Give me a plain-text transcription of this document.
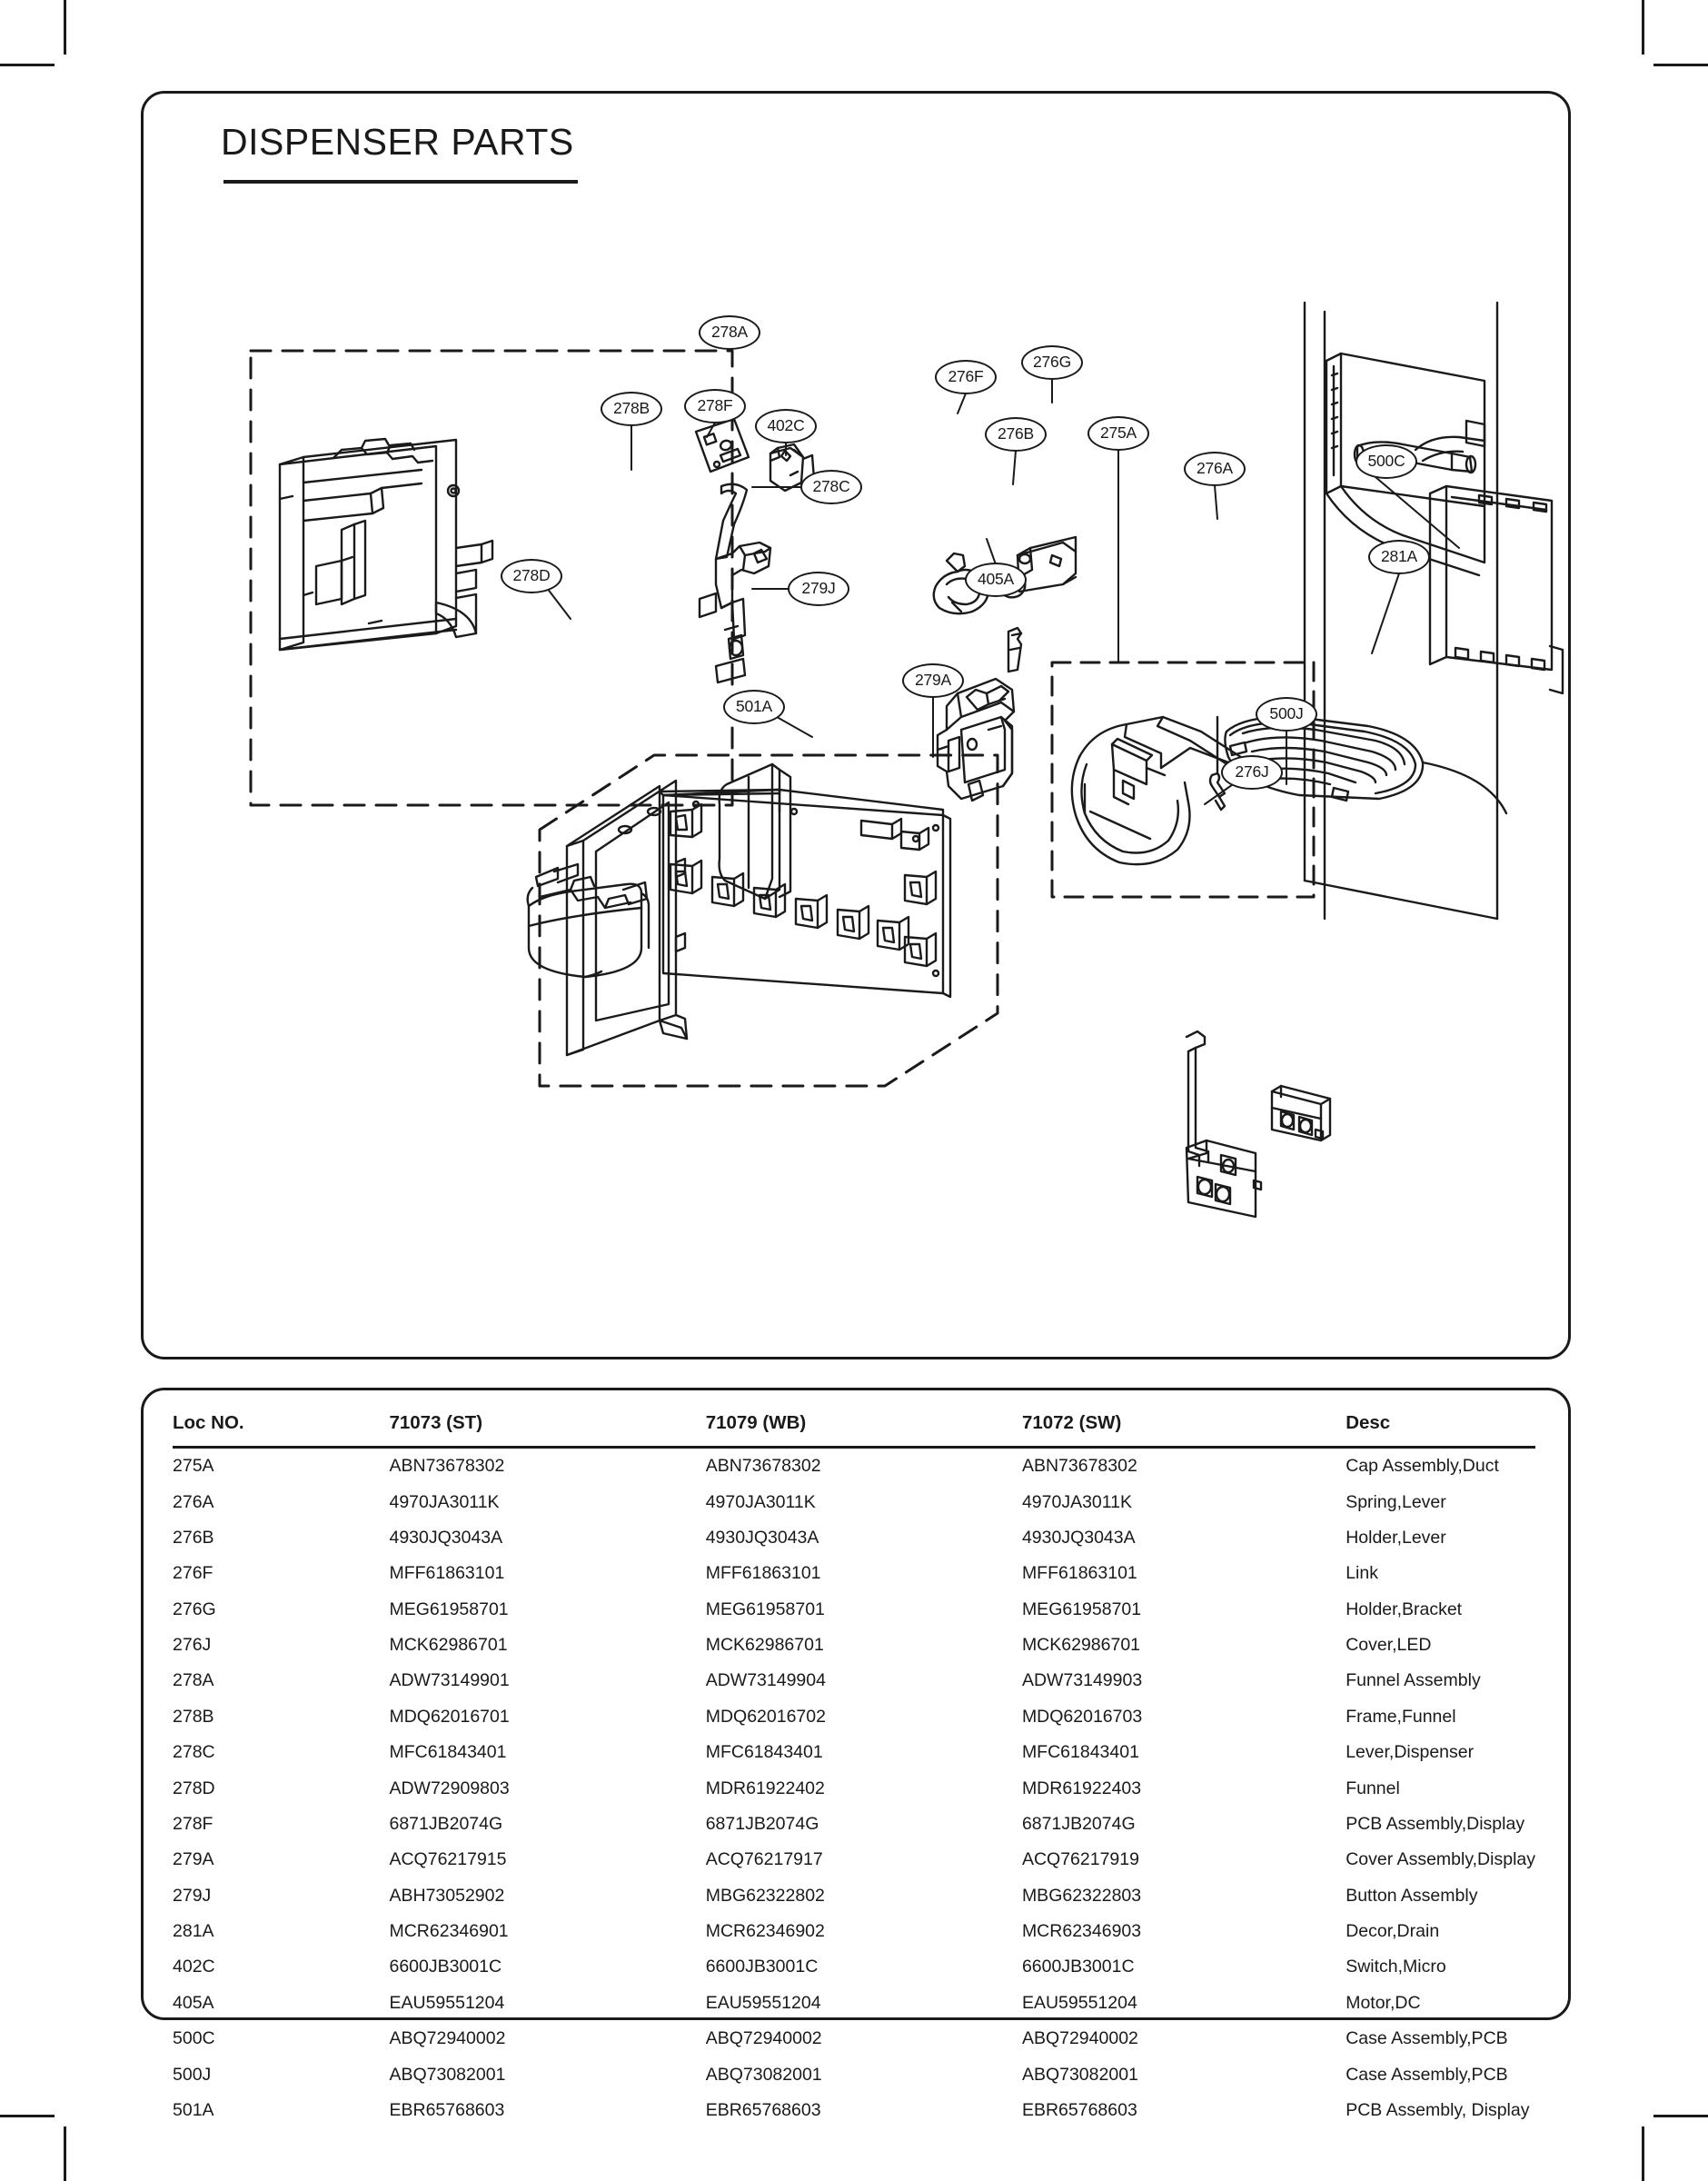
DISPENSER PARTS
278A
276F
276G
278B	278F
276B	275A
402C
276A	500C
278C
278D
279J	405A
281A
279A
501A	500J
276J
Loc NO.	71073 (ST)	71079 (WB)	71072 (SW)	Desc
275A	ABN73678302	ABN73678302	ABN73678302	Cap Assembly,Duct
276A	4970JA3011K	4970JA3011K	4970JA3011K	Spring,Lever
276B	4930JQ3043A	4930JQ3043A	4930JQ3043A	Holder,Lever
276F	MFF61863101	MFF61863101	MFF61863101	Link
276G	MEG61958701	MEG61958701	MEG61958701	Holder,Bracket
276J	MCK62986701	MCK62986701	MCK62986701	Cover,LED
278A	ADW73149901	ADW73149904	ADW73149903	Funnel Assembly
278B	MDQ62016701	MDQ62016702	MDQ62016703	Frame,Funnel
278C	MFC61843401	MFC61843401	MFC61843401	Lever,Dispenser
278D	ADW72909803	MDR61922402	MDR61922403	Funnel
278F	6871JB2074G	6871JB2074G	6871JB2074G	PCB Assembly,Display
279A	ACQ76217915	ACQ76217917	ACQ76217919	Cover Assembly,Display
279J	ABH73052902	MBG62322802	MBG62322803	Button Assembly
281A	MCR62346901	MCR62346902	MCR62346903	Decor,Drain
402C	6600JB3001C	6600JB3001C	6600JB3001C	Switch,Micro
405A	EAU59551204	EAU59551204	EAU59551204	Motor,DC
500C	ABQ72940002	ABQ72940002	ABQ72940002	Case Assembly,PCB
500J	ABQ73082001	ABQ73082001	ABQ73082001	Case Assembly,PCB
501A	EBR65768603	EBR65768603	EBR65768603	PCB Assembly, Display
